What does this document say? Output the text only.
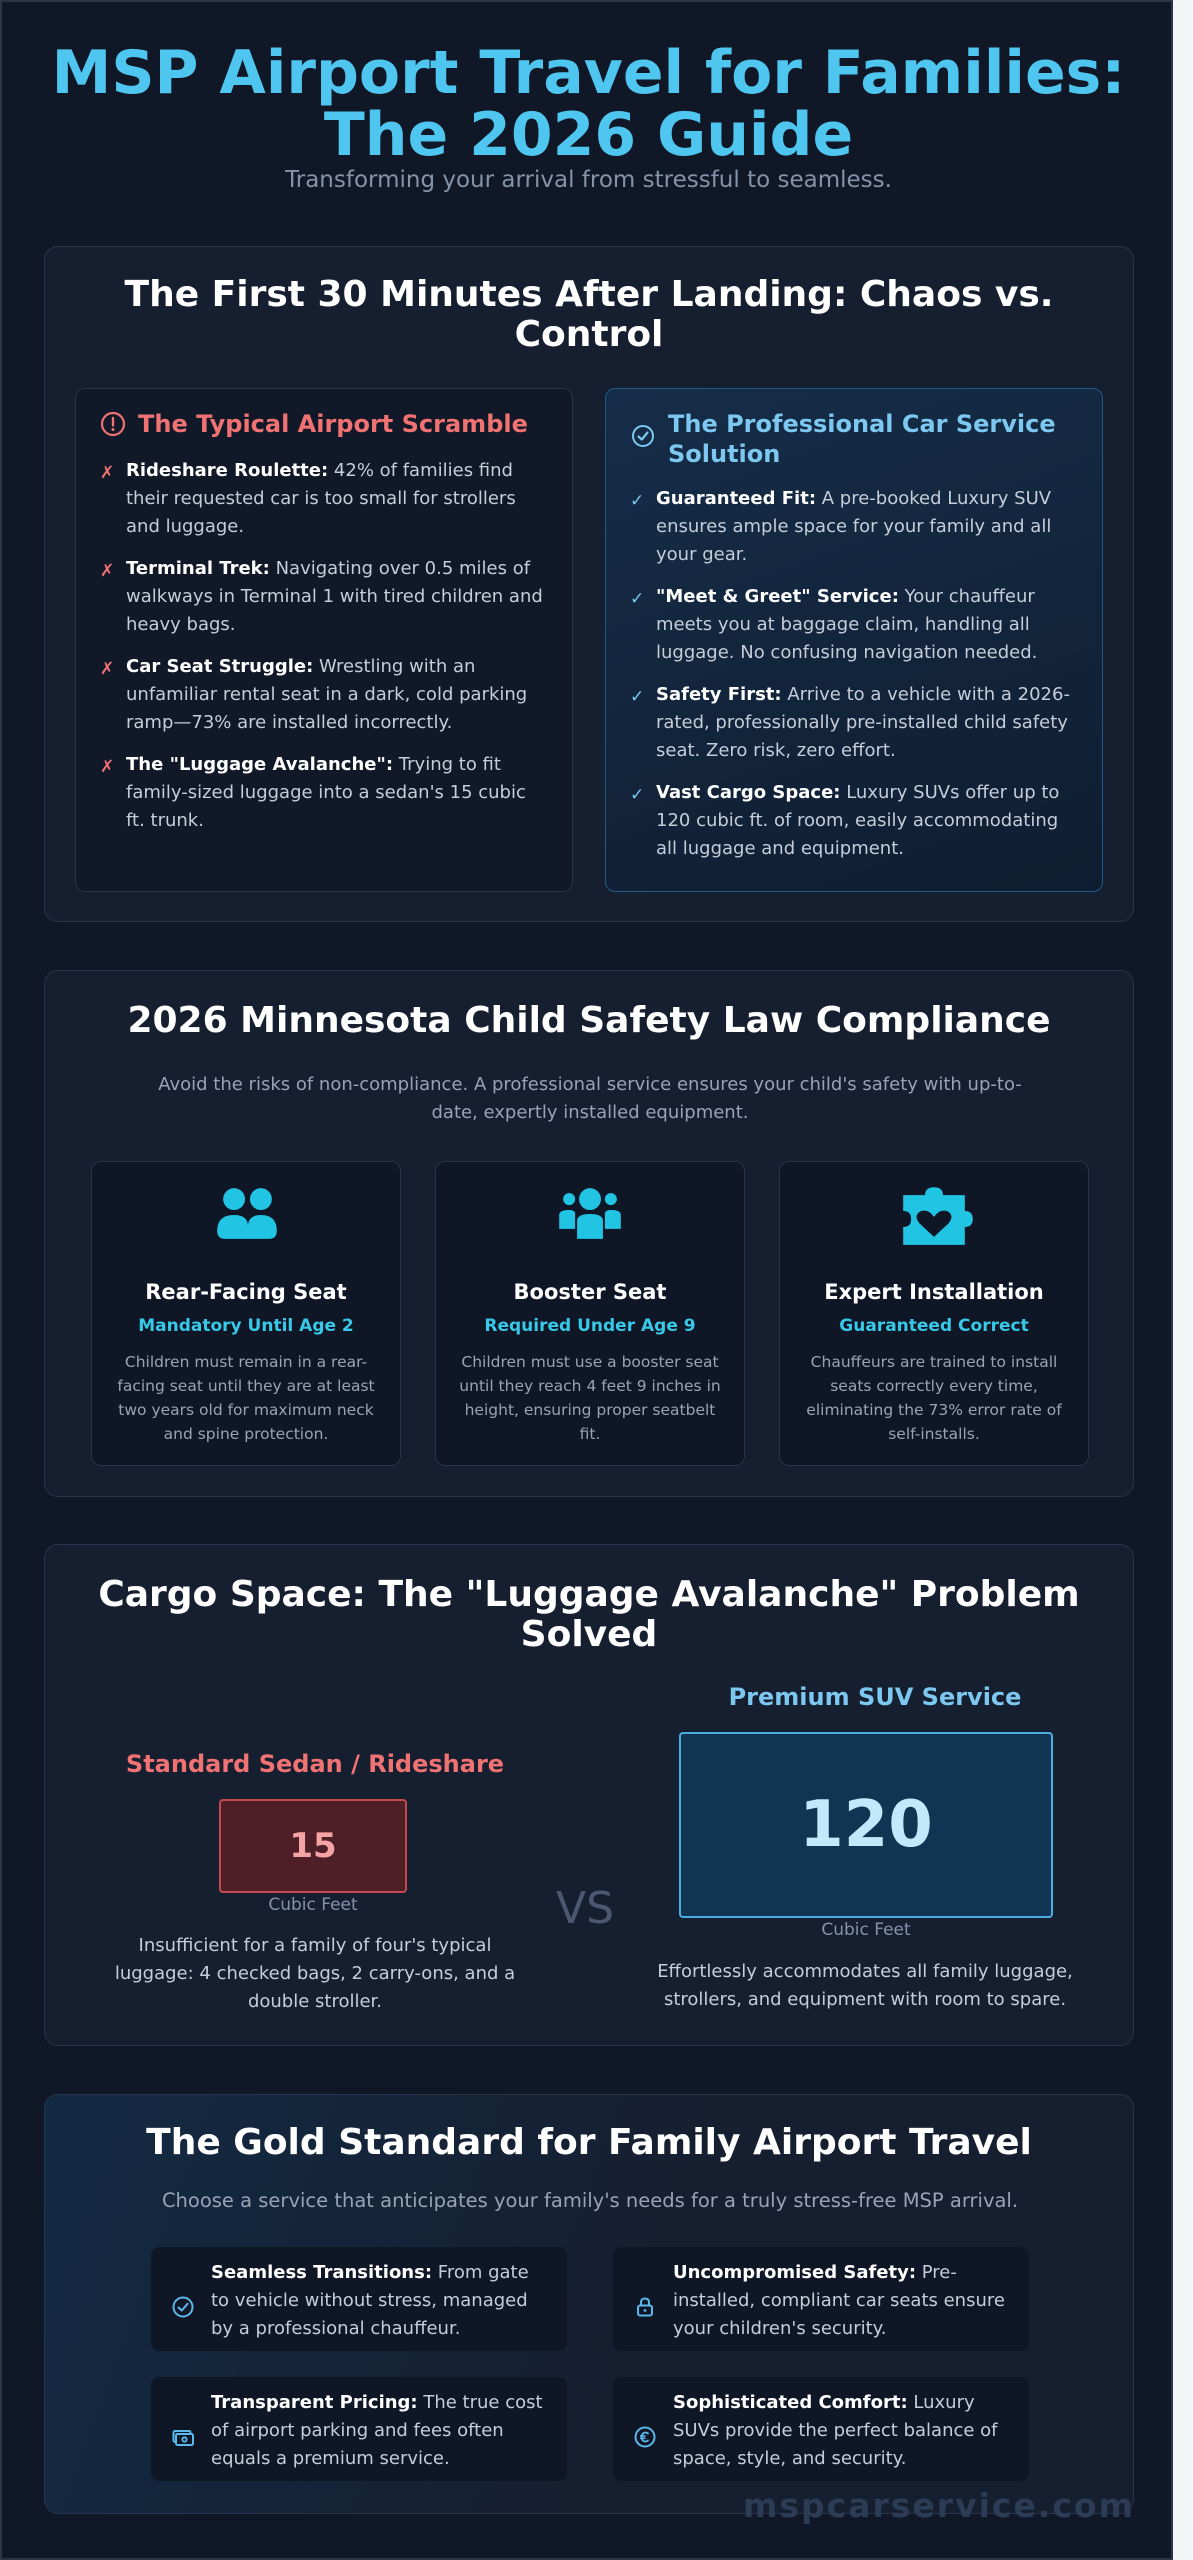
MSP Airport Travel for Families:
The 2026 Guide
Transforming your arrival from stressful to seamless.
The First 30 Minutes After Landing: Chaos vs.
Control
The Typical Airport Scramble
✗ Rideshare Roulette: 42% of families find their requested car is too small for strollers and luggage.
✗ Terminal Trek: Navigating over 0.5 miles of walkways in Terminal 1 with tired children and heavy bags.
✗ Car Seat Struggle: Wrestling with an unfamiliar rental seat in a dark, cold parking ramp—73% are installed incorrectly.
✗ The "Luggage Avalanche": Trying to fit family-sized luggage into a sedan's 15 cubic ft. trunk.
The Professional Car Service Solution
✓ Guaranteed Fit: A pre-booked Luxury SUV ensures ample space for your family and all your gear.
✓ "Meet & Greet" Service: Your chauffeur meets you at baggage claim, handling all luggage. No confusing navigation needed.
✓ Safety First: Arrive to a vehicle with a 2026-rated, professionally pre-installed child safety seat. Zero risk, zero effort.
✓ Vast Cargo Space: Luxury SUVs offer up to 120 cubic ft. of room, easily accommodating all luggage and equipment.
2026 Minnesota Child Safety Law Compliance
Avoid the risks of non-compliance. A professional service ensures your child's safety with up-to-date, expertly installed equipment.
Rear-Facing Seat
Mandatory Until Age 2
Children must remain in a rear-facing seat until they are at least two years old for maximum neck and spine protection.
Booster Seat
Required Under Age 9
Children must use a booster seat until they reach 4 feet 9 inches in height, ensuring proper seatbelt fit.
Expert Installation
Guaranteed Correct
Chauffeurs are trained to install seats correctly every time, eliminating the 73% error rate of self-installs.
Cargo Space: The "Luggage Avalanche" Problem
Solved
Standard Sedan / Rideshare
15
Cubic Feet
Insufficient for a family of four's typical luggage: 4 checked bags, 2 carry-ons, and a double stroller.
VS
Premium SUV Service
120
Cubic Feet
Effortlessly accommodates all family luggage, strollers, and equipment with room to spare.
The Gold Standard for Family Airport Travel
Choose a service that anticipates your family's needs for a truly stress-free MSP arrival.
Seamless Transitions: From gate to vehicle without stress, managed by a professional chauffeur.
Uncompromised Safety: Pre-installed, compliant car seats ensure your children's security.
Transparent Pricing: The true cost of airport parking and fees often equals a premium service.
Sophisticated Comfort: Luxury SUVs provide the perfect balance of space, style, and security.
mspcarservice.com
